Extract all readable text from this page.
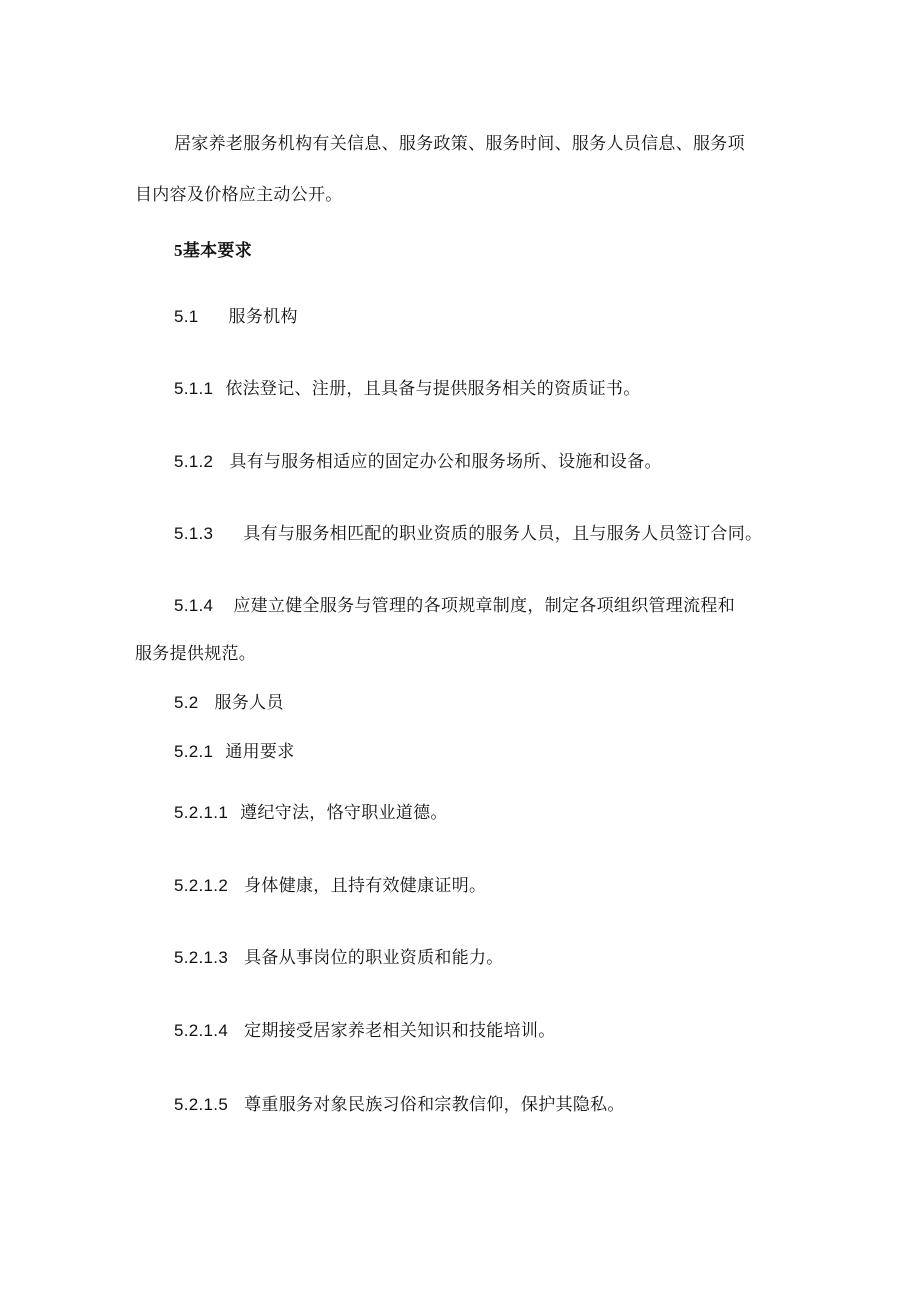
居家养老服务机构有关信息、服务政策、服务时间、服务人员信息、服务项
目内容及价格应主动公开。
5基本要求
5.1 服务机构
5.1.1 依法登记、注册，且具备与提供服务相关的资质证书。
5.1.2 具有与服务相适应的固定办公和服务场所、设施和设备。
5.1.3 具有与服务相匹配的职业资质的服务人员，且与服务人员签订合同。
5.1.4 应建立健全服务与管理的各项规章制度，制定各项组织管理流程和
服务提供规范。
5.2 服务人员
5.2.1 通用要求
5.2.1.1 遵纪守法，恪守职业道德。
5.2.1.2 身体健康，且持有效健康证明。
5.2.1.3 具备从事岗位的职业资质和能力。
5.2.1.4 定期接受居家养老相关知识和技能培训。
5.2.1.5 尊重服务对象民族习俗和宗教信仰，保护其隐私。
